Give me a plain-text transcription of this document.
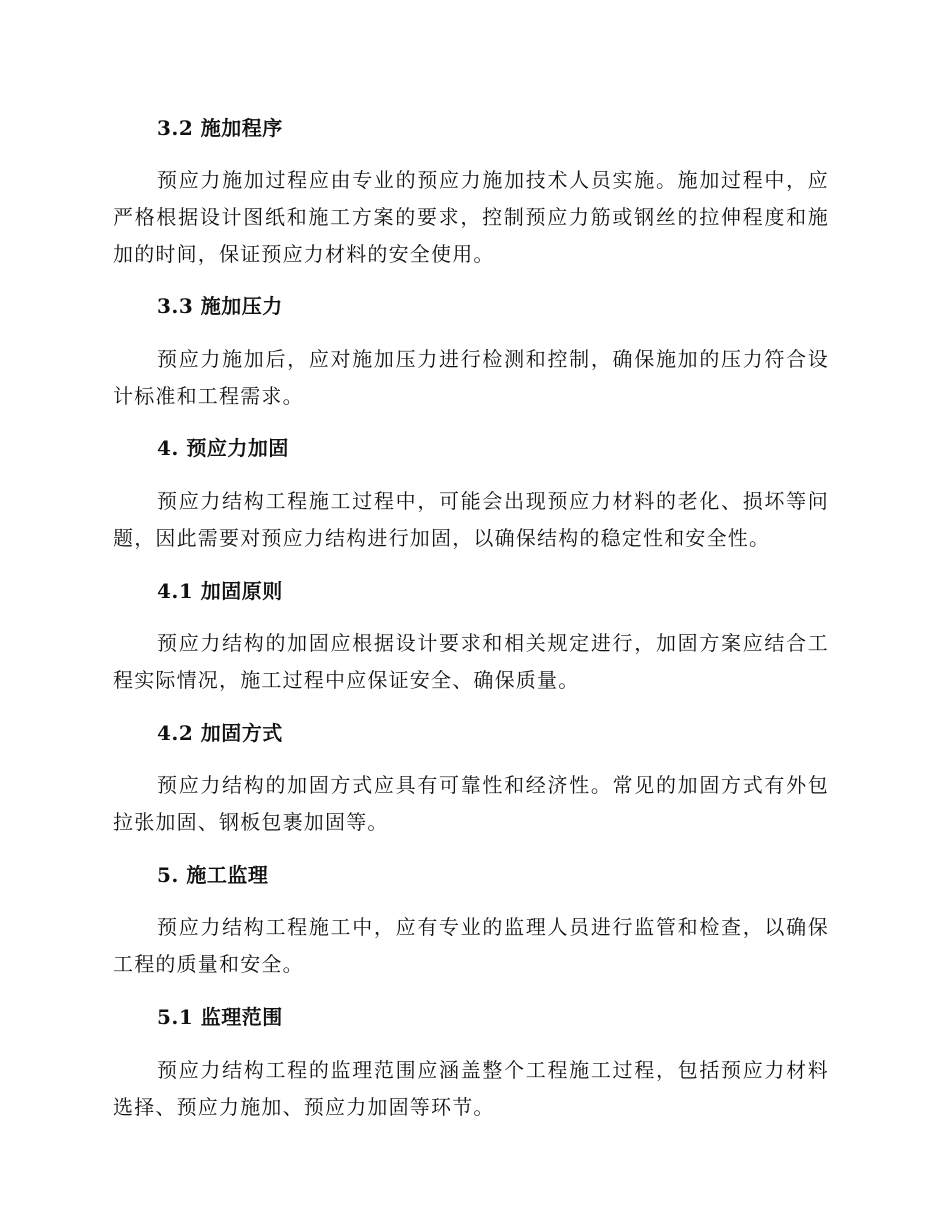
3.2 施加程序
预应力施加过程应由专业的预应力施加技术人员实施。施加过程中，应严格根据设计图纸和施工方案的要求，控制预应力筋或钢丝的拉伸程度和施加的时间，保证预应力材料的安全使用。
3.3 施加压力
预应力施加后，应对施加压力进行检测和控制，确保施加的压力符合设计标准和工程需求。
4. 预应力加固
预应力结构工程施工过程中，可能会出现预应力材料的老化、损坏等问题，因此需要对预应力结构进行加固，以确保结构的稳定性和安全性。
4.1 加固原则
预应力结构的加固应根据设计要求和相关规定进行，加固方案应结合工程实际情况，施工过程中应保证安全、确保质量。
4.2 加固方式
预应力结构的加固方式应具有可靠性和经济性。常见的加固方式有外包拉张加固、钢板包裹加固等。
5. 施工监理
预应力结构工程施工中，应有专业的监理人员进行监管和检查，以确保工程的质量和安全。
5.1 监理范围
预应力结构工程的监理范围应涵盖整个工程施工过程，包括预应力材料选择、预应力施加、预应力加固等环节。
